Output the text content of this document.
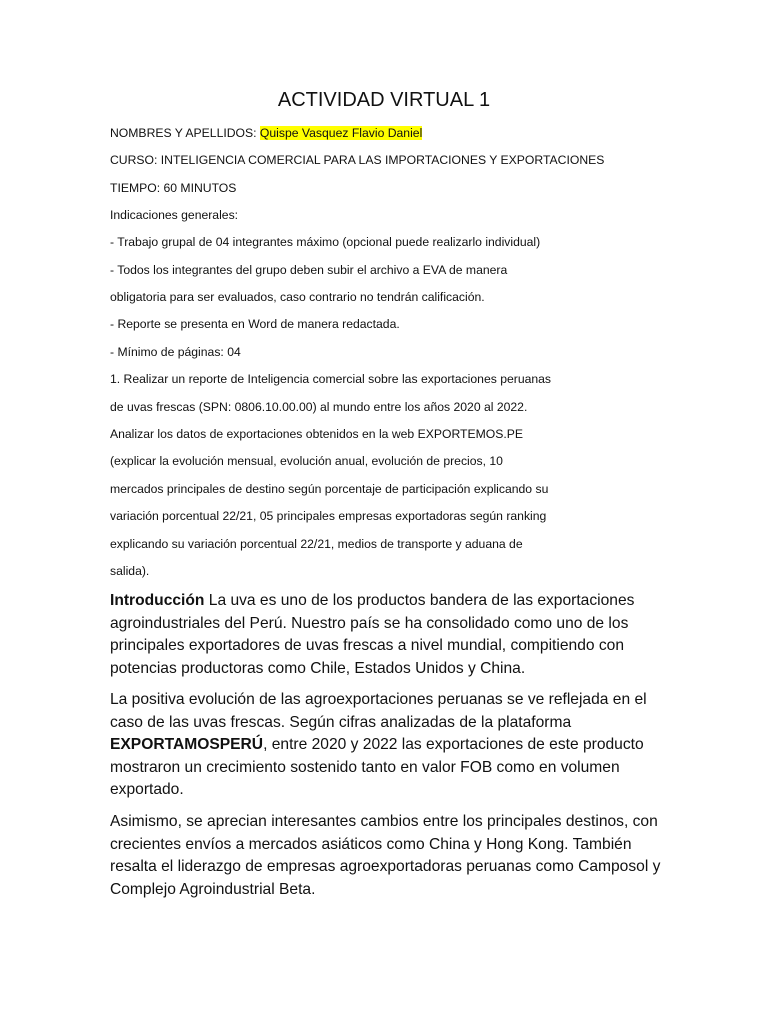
ACTIVIDAD VIRTUAL 1

NOMBRES Y APELLIDOS: Quispe Vasquez Flavio Daniel

CURSO: INTELIGENCIA COMERCIAL PARA LAS IMPORTACIONES Y EXPORTACIONES

TIEMPO: 60 MINUTOS

Indicaciones generales:

- Trabajo grupal de 04 integrantes máximo (opcional puede realizarlo individual)

- Todos los integrantes del grupo deben subir el archivo a EVA de manera

obligatoria para ser evaluados, caso contrario no tendrán calificación.

- Reporte se presenta en Word de manera redactada.

- Mínimo de páginas: 04

1. Realizar un reporte de Inteligencia comercial sobre las exportaciones peruanas

de uvas frescas (SPN: 0806.10.00.00) al mundo entre los años 2020 al 2022.

Analizar los datos de exportaciones obtenidos en la web EXPORTEMOS.PE

(explicar la evolución mensual, evolución anual, evolución de precios, 10

mercados principales de destino según porcentaje de participación explicando su

variación porcentual 22/21, 05 principales empresas exportadoras según ranking

explicando su variación porcentual 22/21, medios de transporte y aduana de

salida).

Introducción La uva es uno de los productos bandera de las exportaciones agroindustriales del Perú. Nuestro país se ha consolidado como uno de los principales exportadores de uvas frescas a nivel mundial, compitiendo con potencias productoras como Chile, Estados Unidos y China.

La positiva evolución de las agroexportaciones peruanas se ve reflejada en el caso de las uvas frescas. Según cifras analizadas de la plataforma EXPORTAMOSPERÚ, entre 2020 y 2022 las exportaciones de este producto mostraron un crecimiento sostenido tanto en valor FOB como en volumen exportado.

Asimismo, se aprecian interesantes cambios entre los principales destinos, con crecientes envíos a mercados asiáticos como China y Hong Kong. También resalta el liderazgo de empresas agroexportadoras peruanas como Camposol y Complejo Agroindustrial Beta.
